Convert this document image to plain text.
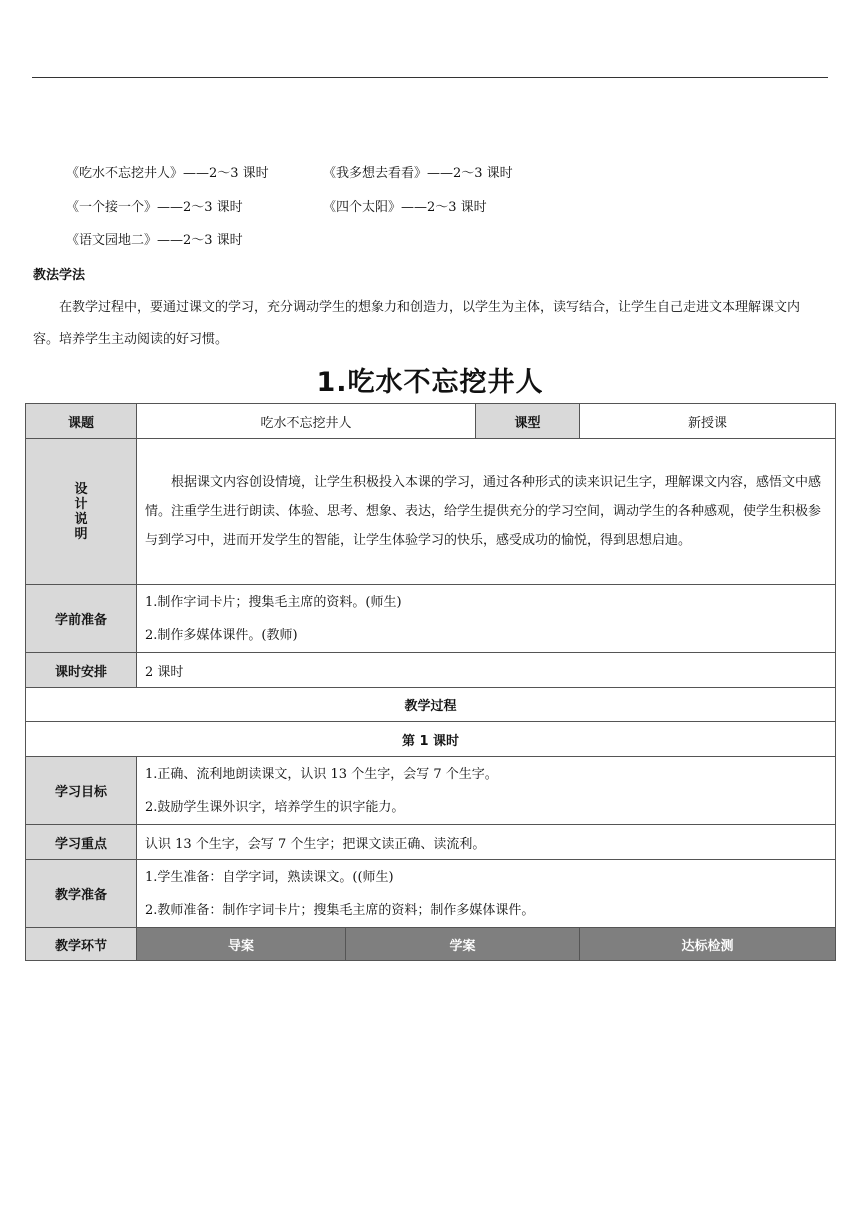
《吃水不忘挖井人》——2～3 课时	《我多想去看看》——2～3 课时
《一个接一个》——2～3 课时	《四个太阳》——2～3 课时
《语文园地二》——2～3 课时
教法学法
在教学过程中，要通过课文的学习，充分调动学生的想象力和创造力，以学生为主体，读写结合，让学生自己走进文本理解课文内容。培养学生主动阅读的好习惯。
1.吃水不忘挖井人
课题	吃水不忘挖井人		课型	新授课
设计说明	根据课文内容创设情境，让学生积极投入本课的学习，通过各种形式的读来识记生字，理解课文内容，感悟文中感情。注重学生进行朗读、体验、思考、想象、表达，给学生提供充分的学习空间，调动学生的各种感观，使学生积极参与到学习中，进而开发学生的智能，让学生体验学习的快乐，感受成功的愉悦，得到思想启迪。			

学前准备	1.制作字词卡片；搜集毛主席的资料。(师生)
2.制作多媒体课件。(教师)			

课时安排	2 课时			
教学过程				
第 1 课时				
学习目标	1.正确、流利地朗读课文，认识 13 个生字，会写 7 个生字。
2.鼓励学生课外识字，培养学生的识字能力。			

学习重点	认识 13 个生字，会写 7 个生字；把课文读正确、读流利。			
教学准备	1.学生准备：自学字词，熟读课文。((师生)
2.教师准备：制作字词卡片；搜集毛主席的资料；制作多媒体课件。			

教学环节	导案	学案		达标检测
